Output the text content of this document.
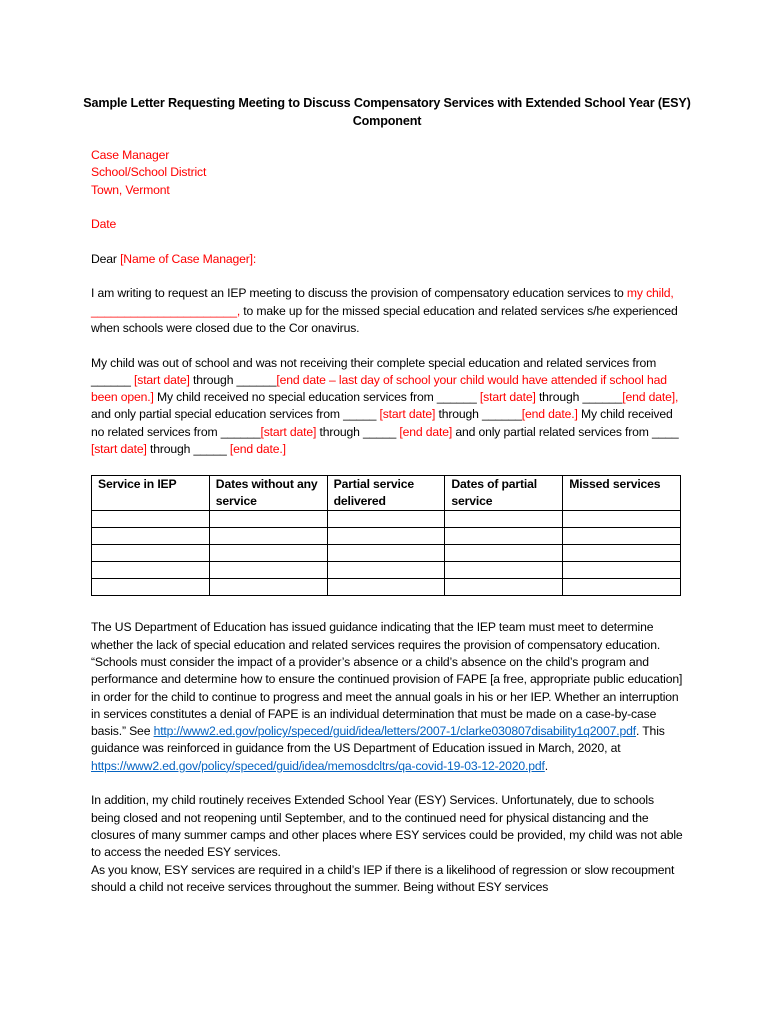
Sample Letter Requesting Meeting to Discuss Compensatory Services with Extended School Year (ESY) Component

Case Manager

School/School District

Town, Vermont

Date

Dear [Name of Case Manager]:

I am writing to request an IEP meeting to discuss the provision of compensatory education services to my child, ______________________, to make up for the missed special education and related services s/he experienced when schools were closed due to the Cor onavirus.

My child was out of school and was not receiving their complete special education and related services from ______ [start date] through ______[end date – last day of school your child would have attended if school had been open.] My child received no special education services from ______ [start date] through ______[end date], and only partial special education services from _____ [start date] through ______[end date.] My child received no related services from ______[start date] through _____ [end date] and only partial related services from ____ [start date] through _____ [end date.]

Service in IEP	Dates without any service	Partial service delivered	Dates of partial service	Missed services

The US Department of Education has issued guidance indicating that the IEP team must meet to determine whether the lack of special education and related services requires the provision of compensatory education. “Schools must consider the impact of a provider’s absence or a child’s absence on the child’s program and performance and determine how to ensure the continued provision of FAPE [a free, appropriate public education] in order for the child to continue to progress and meet the annual goals in his or her IEP. Whether an interruption in services constitutes a denial of FAPE is an individual determination that must be made on a case-by-case basis.” See http://www2.ed.gov/policy/speced/guid/idea/letters/2007-1/clarke030807disability1q2007.pdf. This guidance was reinforced in guidance from the US Department of Education issued in March, 2020, at https://www2.ed.gov/policy/speced/guid/idea/memosdcltrs/qa-covid-19-03-12-2020.pdf.

In addition, my child routinely receives Extended School Year (ESY) Services. Unfortunately, due to schools being closed and not reopening until September, and to the continued need for physical distancing and the closures of many summer camps and other places where ESY services could be provided, my child was not able to access the needed ESY services.

As you know, ESY services are required in a child’s IEP if there is a likelihood of regression or slow recoupment should a child not receive services throughout the summer. Being without ESY services
